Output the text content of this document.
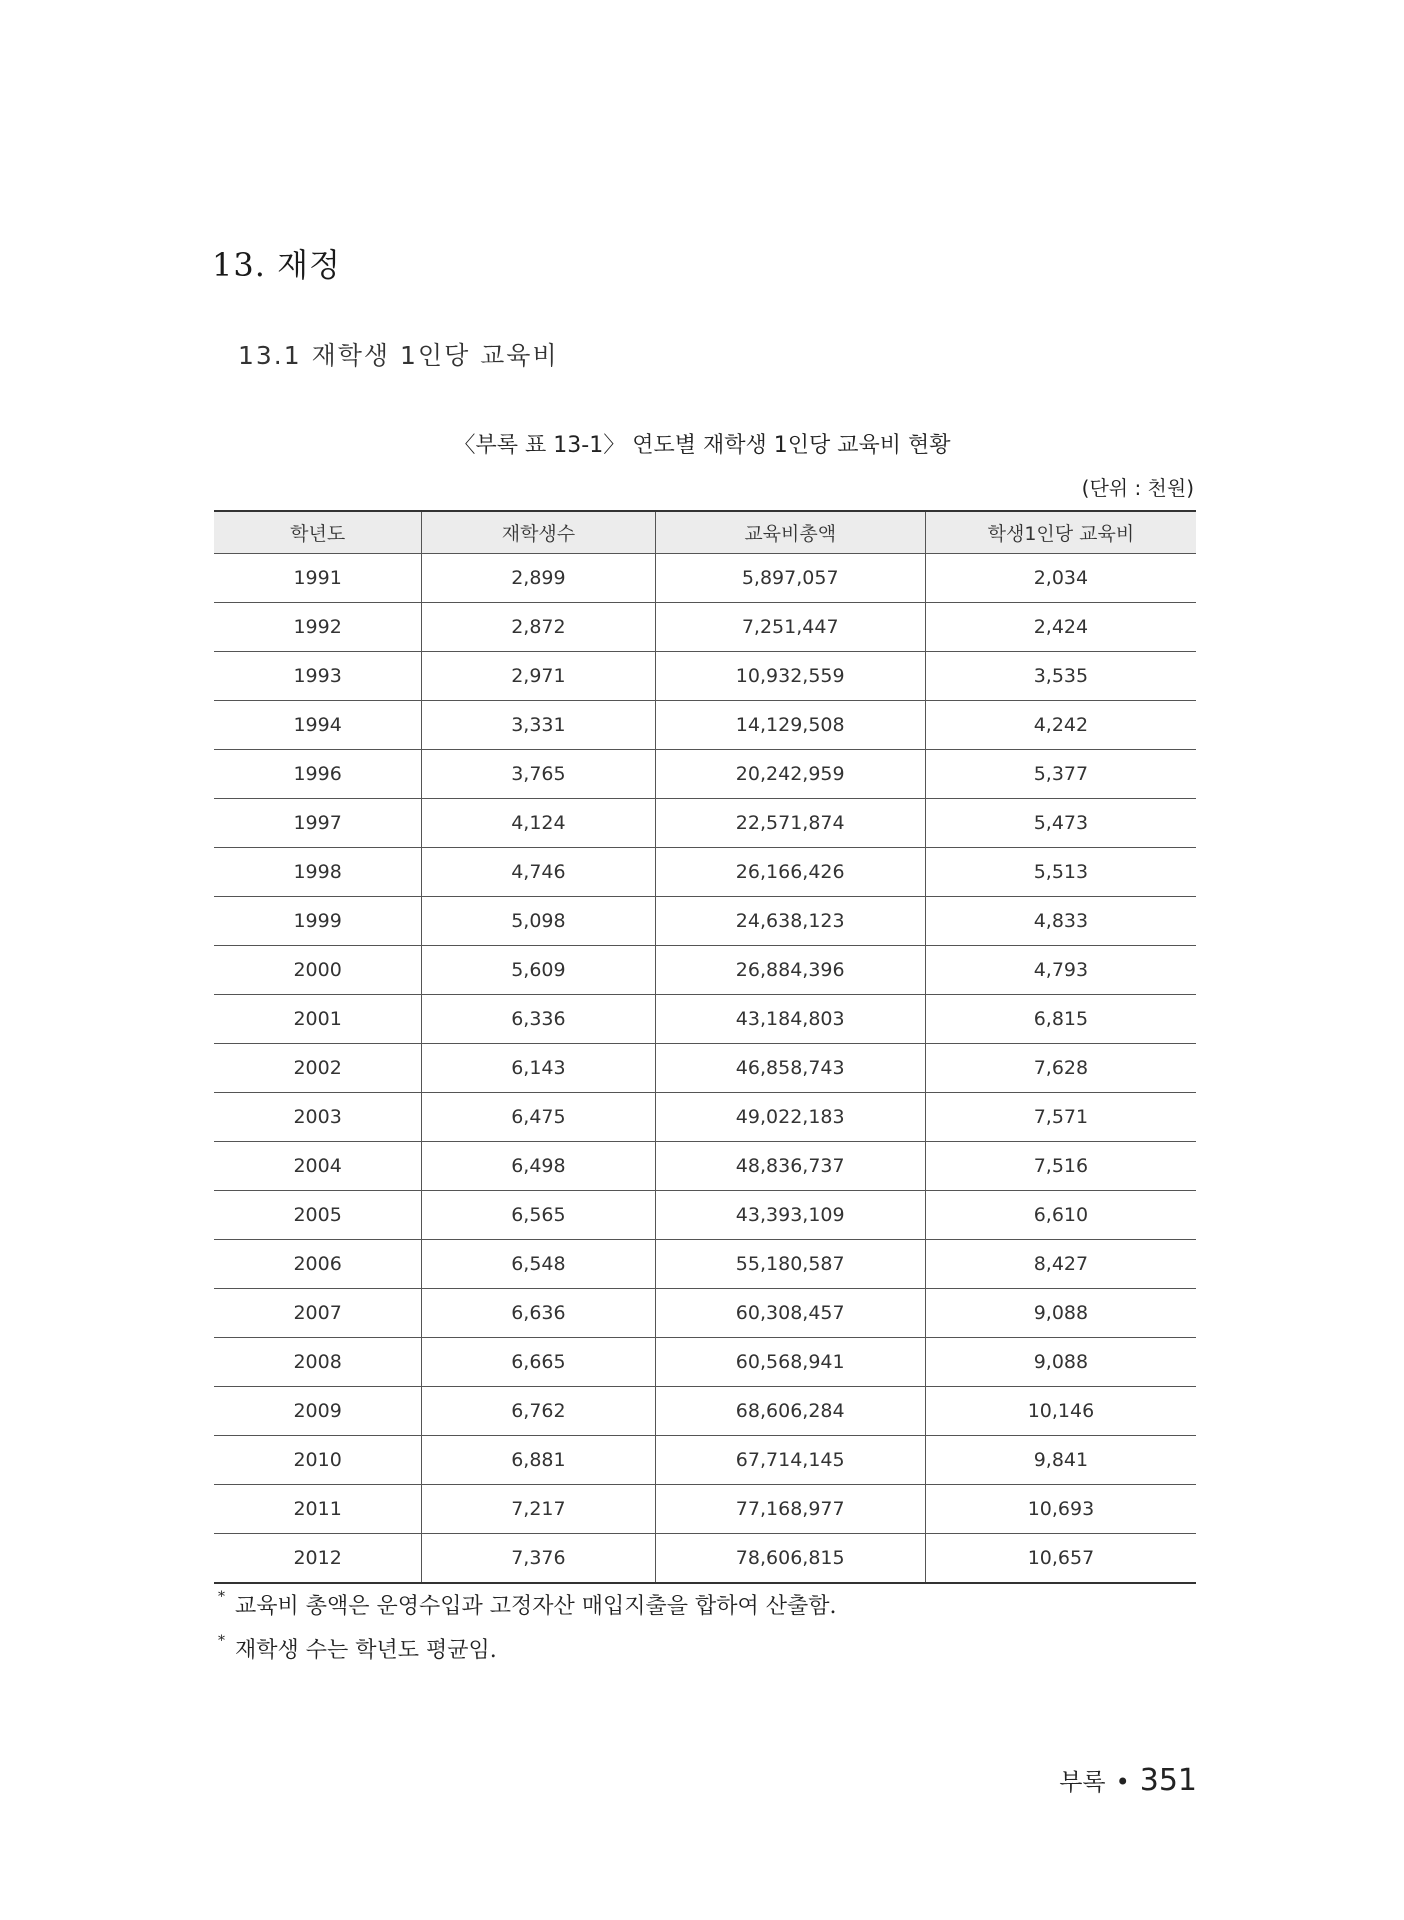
13. 재정
13.1 재학생 1인당 교육비
〈부록 표 13-1〉 연도별 재학생 1인당 교육비 현황
(단위 : 천원)
학년도	재학생수	교육비총액	학생1인당 교육비
1991	2,899	5,897,057	2,034
1992	2,872	7,251,447	2,424
1993	2,971	10,932,559	3,535
1994	3,331	14,129,508	4,242
1996	3,765	20,242,959	5,377
1997	4,124	22,571,874	5,473
1998	4,746	26,166,426	5,513
1999	5,098	24,638,123	4,833
2000	5,609	26,884,396	4,793
2001	6,336	43,184,803	6,815
2002	6,143	46,858,743	7,628
2003	6,475	49,022,183	7,571
2004	6,498	48,836,737	7,516
2005	6,565	43,393,109	6,610
2006	6,548	55,180,587	8,427
2007	6,636	60,308,457	9,088
2008	6,665	60,568,941	9,088
2009	6,762	68,606,284	10,146
2010	6,881	67,714,145	9,841
2011	7,217	77,168,977	10,693
2012	7,376	78,606,815	10,657
* 교육비 총액은 운영수입과 고정자산 매입지출을 합하여 산출함.
* 재학생 수는 학년도 평균임.
부록 • 351
